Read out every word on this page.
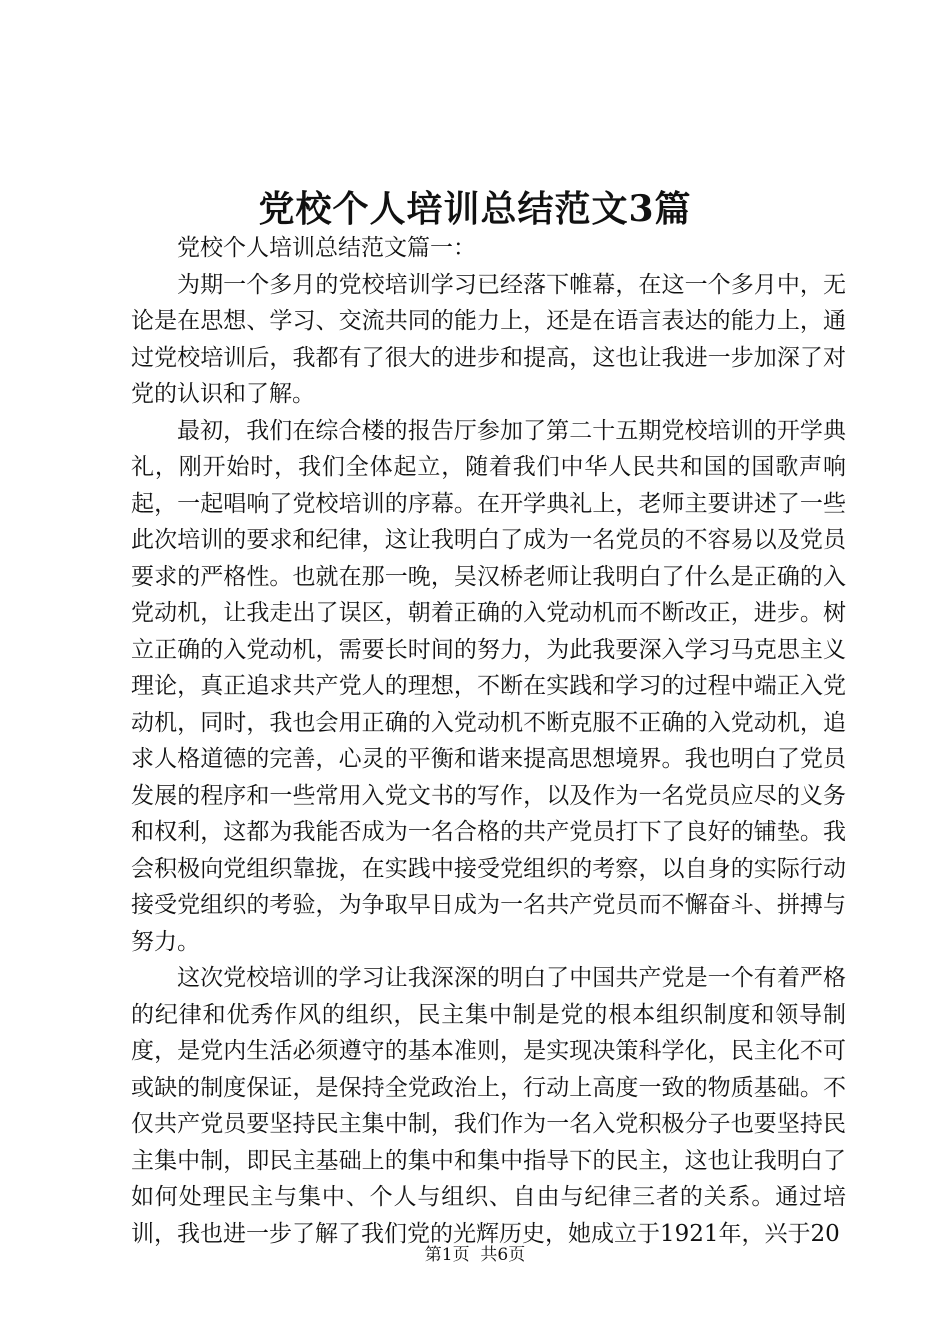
党校个人培训总结范文3篇

党校个人培训总结范文篇一：

为期一个多月的党校培训学习已经落下帷幕，在这一个多月中，无论是在思想、学习、交流共同的能力上，还是在语言表达的能力上，通过党校培训后，我都有了很大的进步和提高，这也让我进一步加深了对党的认识和了解。

最初，我们在综合楼的报告厅参加了第二十五期党校培训的开学典礼，刚开始时，我们全体起立，随着我们中华人民共和国的国歌声响起，一起唱响了党校培训的序幕。在开学典礼上，老师主要讲述了一些此次培训的要求和纪律，这让我明白了成为一名党员的不容易以及党员要求的严格性。也就在那一晚，吴汉桥老师让我明白了什么是正确的入党动机，让我走出了误区，朝着正确的入党动机而不断改正，进步。树立正确的入党动机，需要长时间的努力，为此我要深入学习马克思主义理论，真正追求共产党人的理想，不断在实践和学习的过程中端正入党动机，同时，我也会用正确的入党动机不断克服不正确的入党动机，追求人格道德的完善，心灵的平衡和谐来提高思想境界。我也明白了党员发展的程序和一些常用入党文书的写作，以及作为一名党员应尽的义务和权利，这都为我能否成为一名合格的共产党员打下了良好的铺垫。我会积极向党组织靠拢，在实践中接受党组织的考察，以自身的实际行动接受党组织的考验，为争取早日成为一名共产党员而不懈奋斗、拼搏与努力。

这次党校培训的学习让我深深的明白了中国共产党是一个有着严格的纪律和优秀作风的组织，民主集中制是党的根本组织制度和领导制度，是党内生活必须遵守的基本准则，是实现决策科学化，民主化不可或缺的制度保证，是保持全党政治上，行动上高度一致的物质基础。不仅共产党员要坚持民主集中制，我们作为一名入党积极分子也要坚持民主集中制，即民主基础上的集中和集中指导下的民主，这也让我明白了如何处理民主与集中、个人与组织、自由与纪律三者的关系。通过培训，我也进一步了解了我们党的光辉历史，她成立于1921年，兴于20

第1页  共6页
